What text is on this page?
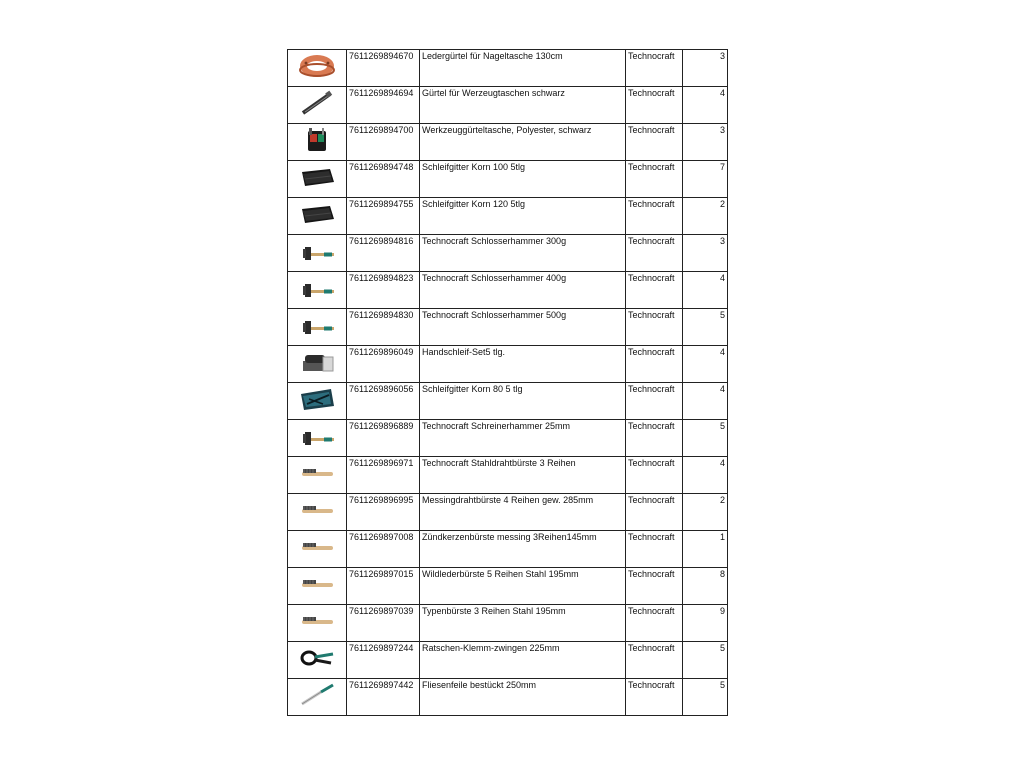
	7611269894670	Ledergürtel für Nageltasche 130cm	Technocraft	3

	7611269894694	Gürtel für Werzeugtaschen schwarz	Technocraft	4

	7611269894700	Werkzeuggürteltasche, Polyester, schwarz	Technocraft	3

	7611269894748	Schleifgitter Korn 100 5tlg	Technocraft	7

	7611269894755	Schleifgitter Korn 120 5tlg	Technocraft	2

	7611269894816	Technocraft Schlosserhammer 300g	Technocraft	3

	7611269894823	Technocraft Schlosserhammer 400g	Technocraft	4

	7611269894830	Technocraft Schlosserhammer 500g	Technocraft	5

	7611269896049	Handschleif-Set5 tlg.	Technocraft	4

	7611269896056	Schleifgitter Korn 80 5 tlg	Technocraft	4

	7611269896889	Technocraft Schreinerhammer 25mm	Technocraft	5

	7611269896971	Technocraft Stahldrahtbürste 3 Reihen	Technocraft	4

	7611269896995	Messingdrahtbürste 4 Reihen gew. 285mm	Technocraft	2

	7611269897008	Zündkerzenbürste messing 3Reihen145mm	Technocraft	1

	7611269897015	Wildlederbürste 5 Reihen Stahl 195mm	Technocraft	8

	7611269897039	Typenbürste 3 Reihen Stahl 195mm	Technocraft	9

	7611269897244	Ratschen-Klemm-zwingen 225mm	Technocraft	5

	7611269897442	Fliesenfeile bestückt 250mm	Technocraft	5
